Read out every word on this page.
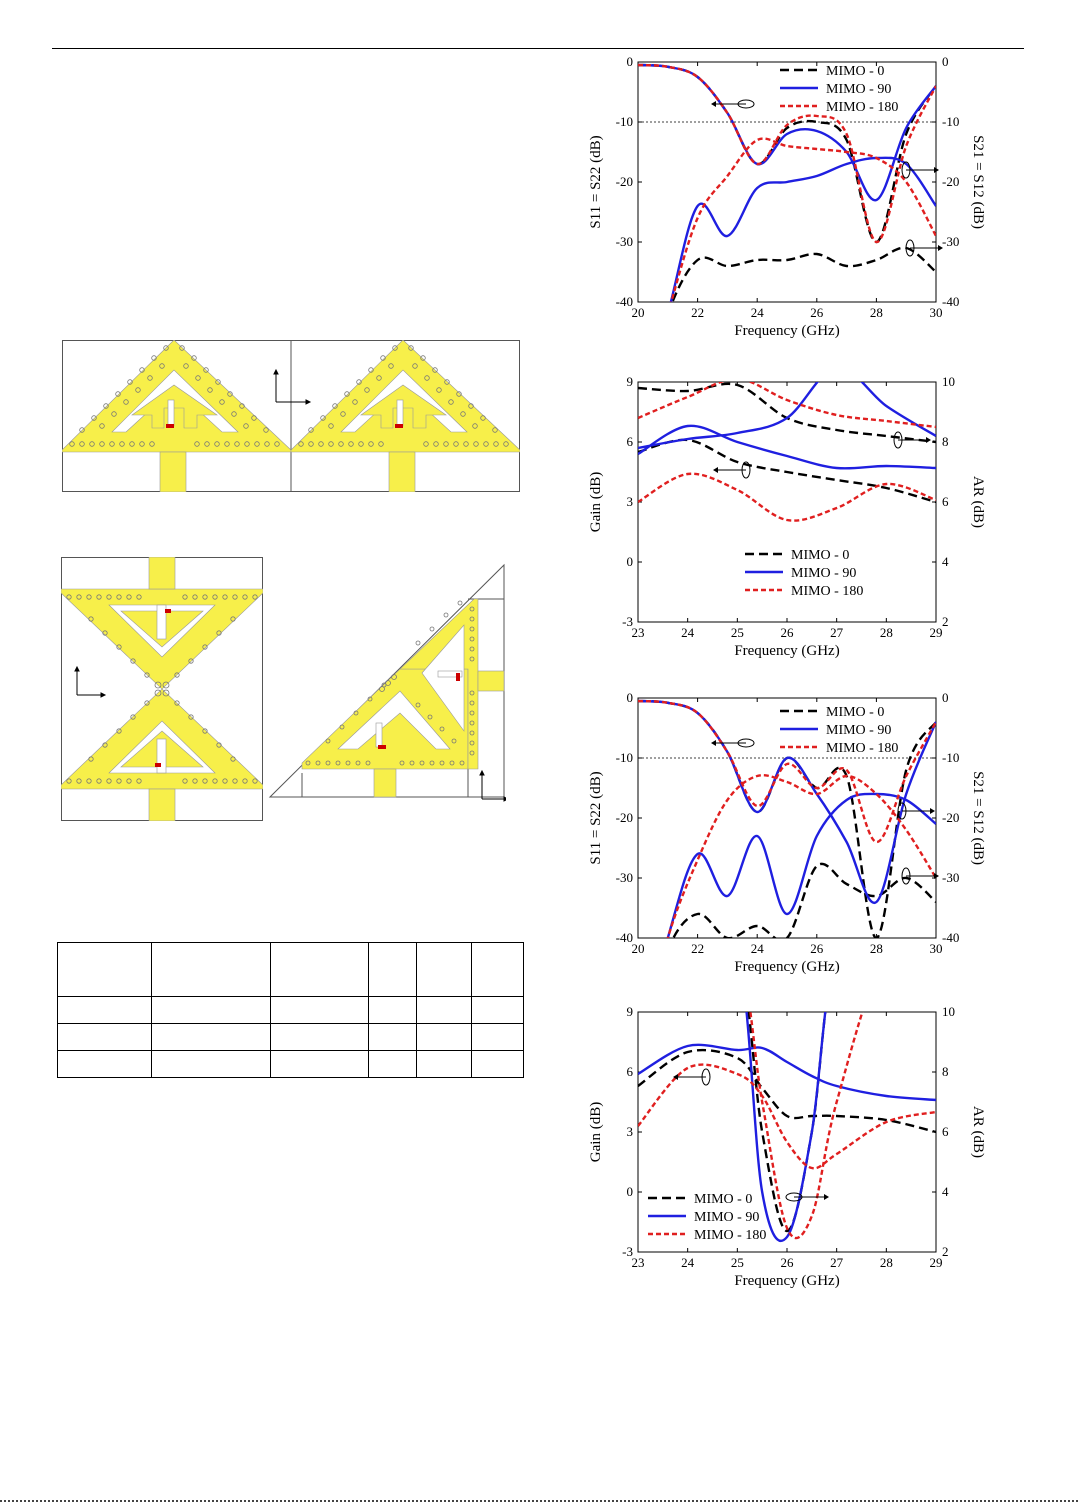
20	22	24	26	28	30
0
-10
-20
-30
-40
0
-10
-20
-30
-40
Frequency (GHz)
S11 = S22 (dB)	S21 = S12 (dB)
MIMO - 0
MIMO - 90
MIMO - 180
23	24	25	26	27	28	29
9
6
3
0
-3
10
8
6
4
2
Frequency (GHz)
Gain (dB)	AR (dB)
MIMO - 0
MIMO - 90
MIMO - 180
20	22	24	26	28	30
0
-10
-20
-30
-40
0
-10
-20
-30
-40
Frequency (GHz)
S11 = S22 (dB)	S21 = S12 (dB)
MIMO - 0
MIMO - 90
MIMO - 180
23	24	25	26	27	28	29
9
6
3
0
-3
10
8
6
4
2
Frequency (GHz)
Gain (dB)	AR (dB)
MIMO - 0
MIMO - 90
MIMO - 180
